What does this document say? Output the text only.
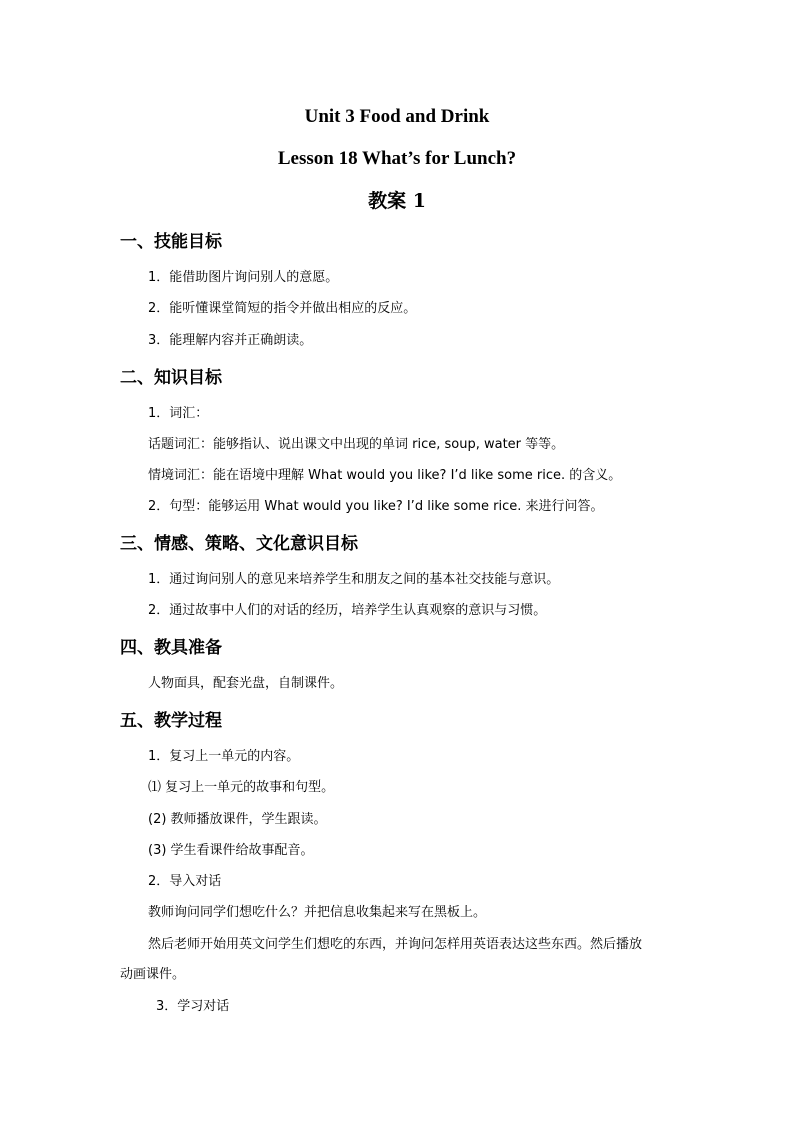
Unit 3 Food and Drink
Lesson 18 What’s for Lunch?
教案 1
一、技能目标
1．能借助图片询问别人的意愿。
2．能听懂课堂简短的指令并做出相应的反应。
3．能理解内容并正确朗读。
二、知识目标
1．词汇：
话题词汇：能够指认、说出课文中出现的单词 rice, soup, water 等等。
情境词汇：能在语境中理解 What would you like? I’d like some rice. 的含义。
2．句型：能够运用 What would you like? I’d like some rice. 来进行问答。
三、情感、策略、文化意识目标
1．通过询问别人的意见来培养学生和朋友之间的基本社交技能与意识。
2．通过故事中人们的对话的经历，培养学生认真观察的意识与习惯。
四、教具准备
人物面具，配套光盘，自制课件。
五、教学过程
1．复习上一单元的内容。
⑴ 复习上一单元的故事和句型。
(2) 教师播放课件，学生跟读。
(3) 学生看课件给故事配音。
2．导入对话
教师询问同学们想吃什么？并把信息收集起来写在黑板上。
然后老师开始用英文问学生们想吃的东西，并询问怎样用英语表达这些东西。然后播放
动画课件。
3．学习对话
